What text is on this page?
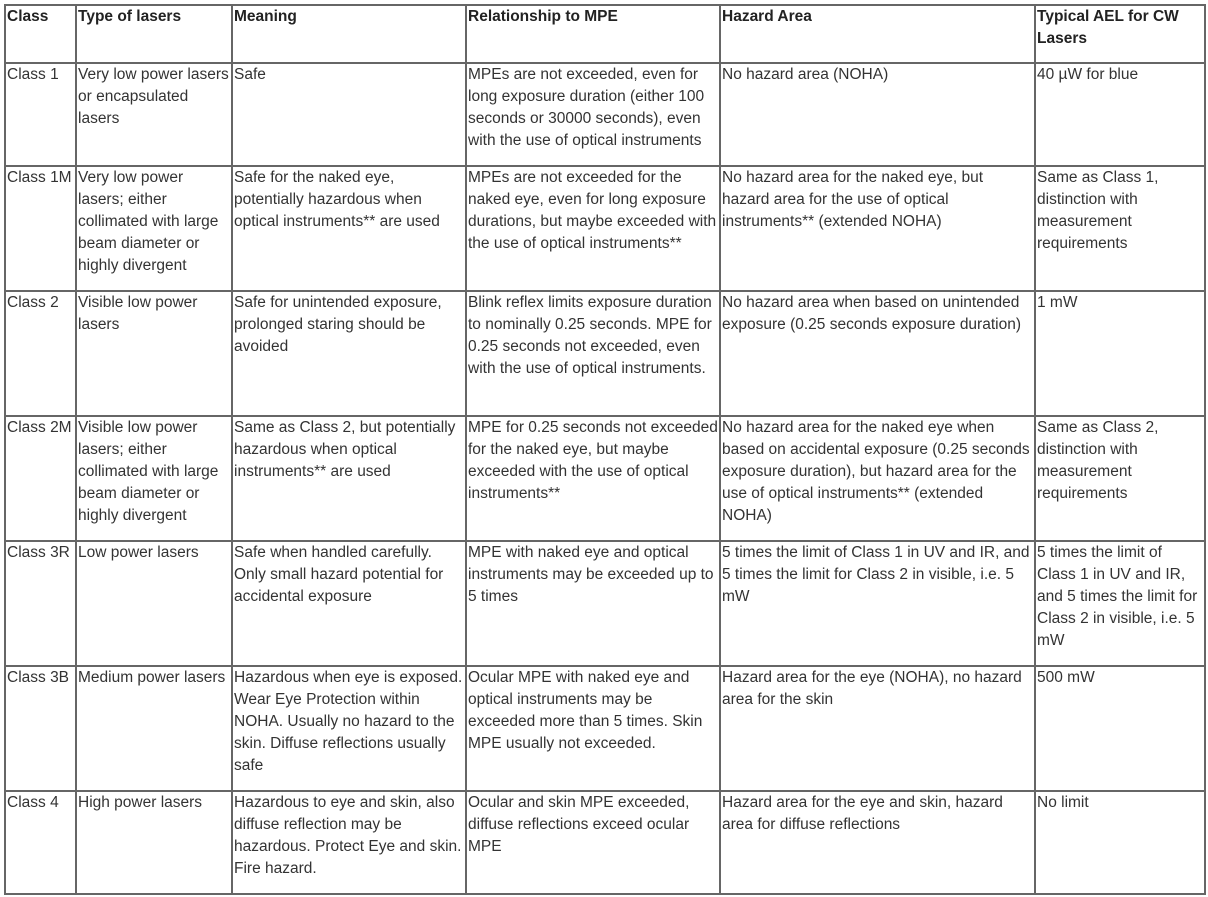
Class	Type of lasers	Meaning	Relationship to MPE	Hazard Area	Typical AEL for CW Lasers
Class 1	Very low power lasers or encapsulated lasers	Safe	MPEs are not exceeded, even for long exposure duration (either 100 seconds or 30000 seconds), even with the use of optical instruments	No hazard area (NOHA)	40 µW for blue
Class 1M	Very low power lasers; either collimated with large beam diameter or highly divergent	Safe for the naked eye, potentially hazardous when optical instruments** are used	MPEs are not exceeded for the naked eye, even for long exposure durations, but maybe exceeded with the use of optical instruments**	No hazard area for the naked eye, but hazard area for the use of optical instruments** (extended NOHA)	Same as Class 1, distinction with measurement requirements
Class 2	Visible low power lasers	Safe for unintended exposure, prolonged staring should be avoided	Blink reflex limits exposure duration to nominally 0.25 seconds. MPE for 0.25 seconds not exceeded, even with the use of optical instruments.	No hazard area when based on unintended exposure (0.25 seconds exposure duration)	1 mW
Class 2M	Visible low power lasers; either collimated with large beam diameter or highly divergent	Same as Class 2, but potentially hazardous when optical instruments** are used	MPE for 0.25 seconds not exceeded for the naked eye, but maybe exceeded with the use of optical instruments**	No hazard area for the naked eye when based on accidental exposure (0.25 seconds exposure duration), but hazard area for the use of optical instruments** (extended NOHA)	Same as Class 2, distinction with measurement requirements
Class 3R	Low power lasers	Safe when handled carefully. Only small hazard potential for accidental exposure	MPE with naked eye and optical instruments may be exceeded up to 5 times	5 times the limit of Class 1 in UV and IR, and 5 times the limit for Class 2 in visible, i.e. 5 mW	5 times the limit of Class 1 in UV and IR, and 5 times the limit for Class 2 in visible, i.e. 5 mW
Class 3B	Medium power lasers	Hazardous when eye is exposed. Wear Eye Protection within NOHA. Usually no hazard to the skin. Diffuse reflections usually safe	Ocular MPE with naked eye and optical instruments may be exceeded more than 5 times. Skin MPE usually not exceeded.	Hazard area for the eye (NOHA), no hazard area for the skin	500 mW
Class 4	High power lasers	Hazardous to eye and skin, also diffuse reflection may be hazardous. Protect Eye and skin. Fire hazard.	Ocular and skin MPE exceeded, diffuse reflections exceed ocular MPE	Hazard area for the eye and skin, hazard area for diffuse reflections	No limit
